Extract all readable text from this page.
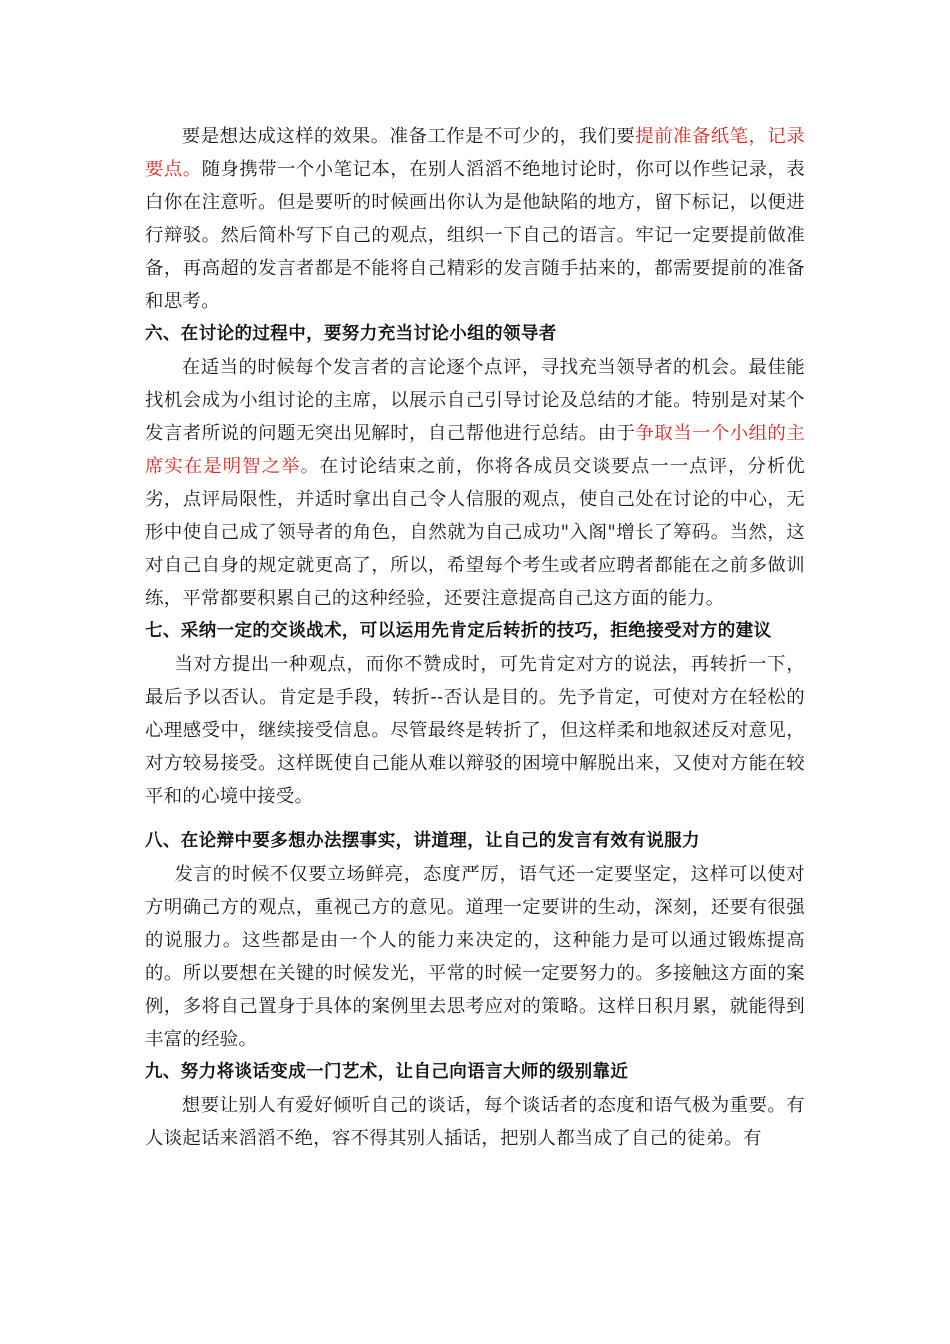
要是想达成这样的效果。准备工作是不可少的，我们要提前准备纸笔，记录要点。随身携带一个小笔记本，在别人滔滔不绝地讨论时，你可以作些记录，表白你在注意听。但是要听的时候画出你认为是他缺陷的地方，留下标记，以便进行辩驳。然后简朴写下自己的观点，组织一下自己的语言。牢记一定要提前做准备，再高超的发言者都是不能将自己精彩的发言随手拈来的，都需要提前的准备和思考。

六、在讨论的过程中，要努力充当讨论小组的领导者

在适当的时候每个发言者的言论逐个点评，寻找充当领导者的机会。最佳能找机会成为小组讨论的主席，以展示自己引导讨论及总结的才能。特别是对某个发言者所说的问题无突出见解时，自己帮他进行总结。由于争取当一个小组的主席实在是明智之举。在讨论结束之前，你将各成员交谈要点一一点评，分析优劣，点评局限性，并适时拿出自己令人信服的观点，使自己处在讨论的中心，无形中使自己成了领导者的角色，自然就为自己成功"入阁"增长了筹码。当然，这对自己自身的规定就更高了，所以，希望每个考生或者应聘者都能在之前多做训练，平常都要积累自己的这种经验，还要注意提高自己这方面的能力。

七、采纳一定的交谈战术，可以运用先肯定后转折的技巧，拒绝接受对方的建议

当对方提出一种观点，而你不赞成时，可先肯定对方的说法，再转折一下，最后予以否认。肯定是手段，转折--否认是目的。先予肯定，可使对方在轻松的心理感受中，继续接受信息。尽管最终是转折了，但这样柔和地叙述反对意见，对方较易接受。这样既使自己能从难以辩驳的困境中解脱出来，又使对方能在较平和的心境中接受。

八、在论辩中要多想办法摆事实，讲道理，让自己的发言有效有说服力

发言的时候不仅要立场鲜亮，态度严厉，语气还一定要坚定，这样可以使对方明确己方的观点，重视己方的意见。道理一定要讲的生动，深刻，还要有很强的说服力。这些都是由一个人的能力来决定的，这种能力是可以通过锻炼提高的。所以要想在关键的时候发光，平常的时候一定要努力的。多接触这方面的案例，多将自己置身于具体的案例里去思考应对的策略。这样日积月累，就能得到丰富的经验。

九、努力将谈话变成一门艺术，让自己向语言大师的级别靠近

想要让别人有爱好倾听自己的谈话，每个谈话者的态度和语气极为重要。有人谈起话来滔滔不绝，容不得其别人插话，把别人都当成了自己的徒弟。有
